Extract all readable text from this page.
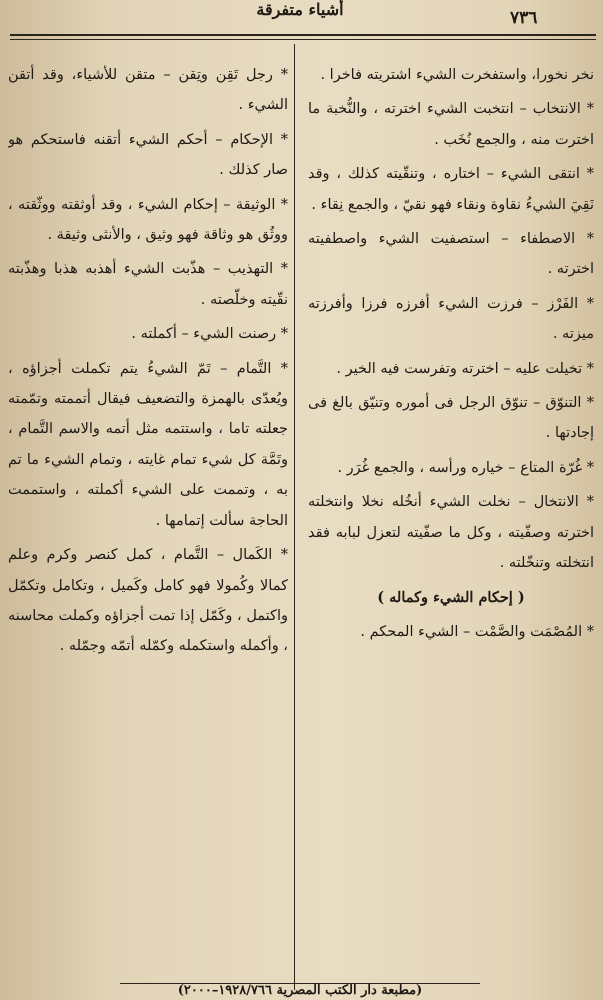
أشياء متفرقة	٧٣٦

نخر نخورا، واستفخرت الشيء اشتريته فاخرا .

* الانتخاب – انتخبت الشيء اخترته ، والنُّخبة ما اخترت منه ، والجمع نُخَب .

* انتقى الشيء – اختاره ، وتنقّيته كذلك ، وقد نَقِيَ الشيءُ نقاوة ونقاء فهو نقيّ ، والجمع نِقاء .

* الاصطفاء – استصفيت الشيء واصطفيته اخترته .

* الفَرْز – فرزت الشيء أفرزه فرزا وأفرزته ميزته .

* تخيلت عليه – اخترته وتفرست فيه الخير .

* التنوّق – تنوّق الرجل فى أموره وتنيّق بالغ فى إجادتها .

* غُرّة المتاع – خياره ورأسه ، والجمع غُرَر .

* الانتخال – نخلت الشيء أنخُله نخلا وانتخلته اخترته وصفّيته ، وكل ما صفّيته لتعزل لبابه فقد انتخلته وتنخّلته .

( إحكام الشيء وكماله )

* المُصْمَت والصَّمْت – الشيء المحكم .

* رجل تَقِن وتِقن – متقن للأشياء، وقد أتقن الشيء .

* الإحكام – أحكم الشيء أتقنه فاستحكم هو صار كذلك .

* الوثيقة – إحكام الشيء ، وقد أوثقته ووثّقته ، ووثُق هو وثاقة فهو وثيق ، والأنثى وثيقة .

* التهذيب – هذّبت الشيء أهذبه هذبا وهذّبته نقّيته وخلّصته .

* رصنت الشيء – أكملته .

* التَّمام – تَمّ الشيءُ يتم تكملت أجزاؤه ، ويُعدّى بالهمزة والتضعيف فيقال أتممته وتمّمته جعلته تاما ، واستتمه مثل أتمه والاسم التَّمام ، وتَمَّة كل شيء تمام غايته ، وتمام الشيء ما تم به ، وتممت على الشيء أكملته ، واستممت الحاجة سألت إتمامها .

* الكَمال – التَّمام ، كمل كنصر وكرم وعلم كمالا وكُمولا فهو كامل وكَميل ، وتكامل وتكمّل واكتمل ، وكَمّل إذا تمت أجزاؤه وكملت محاسنه ، وأكمله واستكمله وكمّله أتمّه وجمّله .

(مطبعة دار الكتب المصرية ١٩٢٨/٧٦٦–٢٠٠٠)
